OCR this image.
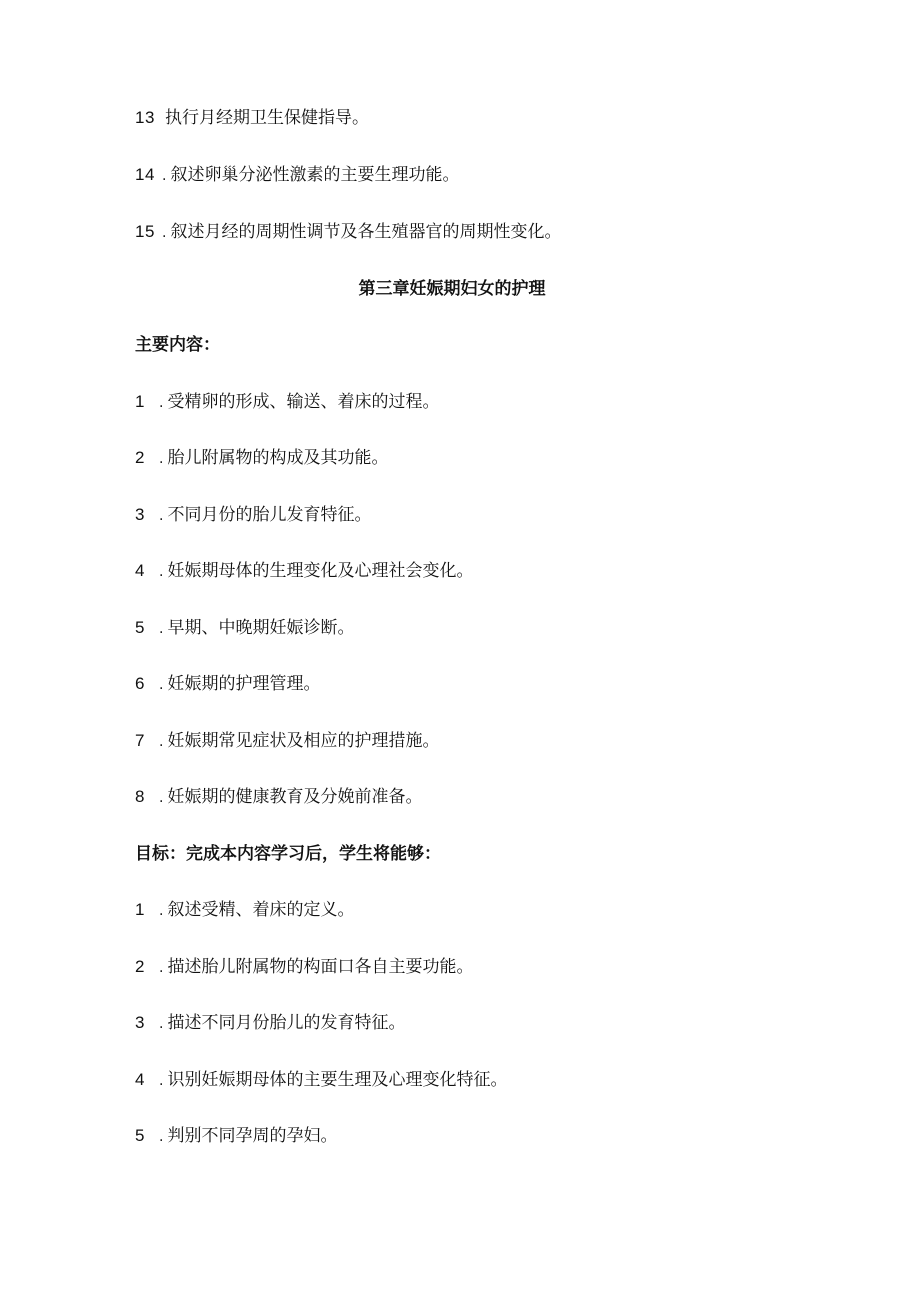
13 执行月经期卫生保健指导。
14 . 叙述卵巢分泌性激素的主要生理功能。
15 . 叙述月经的周期性调节及各生殖器官的周期性变化。
第三章妊娠期妇女的护理
主要内容：
1	. 受精卵的形成、输送、着床的过程。
2	. 胎儿附属物的构成及其功能。
3	. 不同月份的胎儿发育特征。
4	. 妊娠期母体的生理变化及心理社会变化。
5	. 早期、中晚期妊娠诊断。
6	. 妊娠期的护理管理。
7	. 妊娠期常见症状及相应的护理措施。
8	. 妊娠期的健康教育及分娩前准备。
目标：完成本内容学习后，学生将能够：
1	. 叙述受精、着床的定义。
2	. 描述胎儿附属物的构面口各自主要功能。
3	. 描述不同月份胎儿的发育特征。
4	. 识别妊娠期母体的主要生理及心理变化特征。
5	. 判别不同孕周的孕妇。
